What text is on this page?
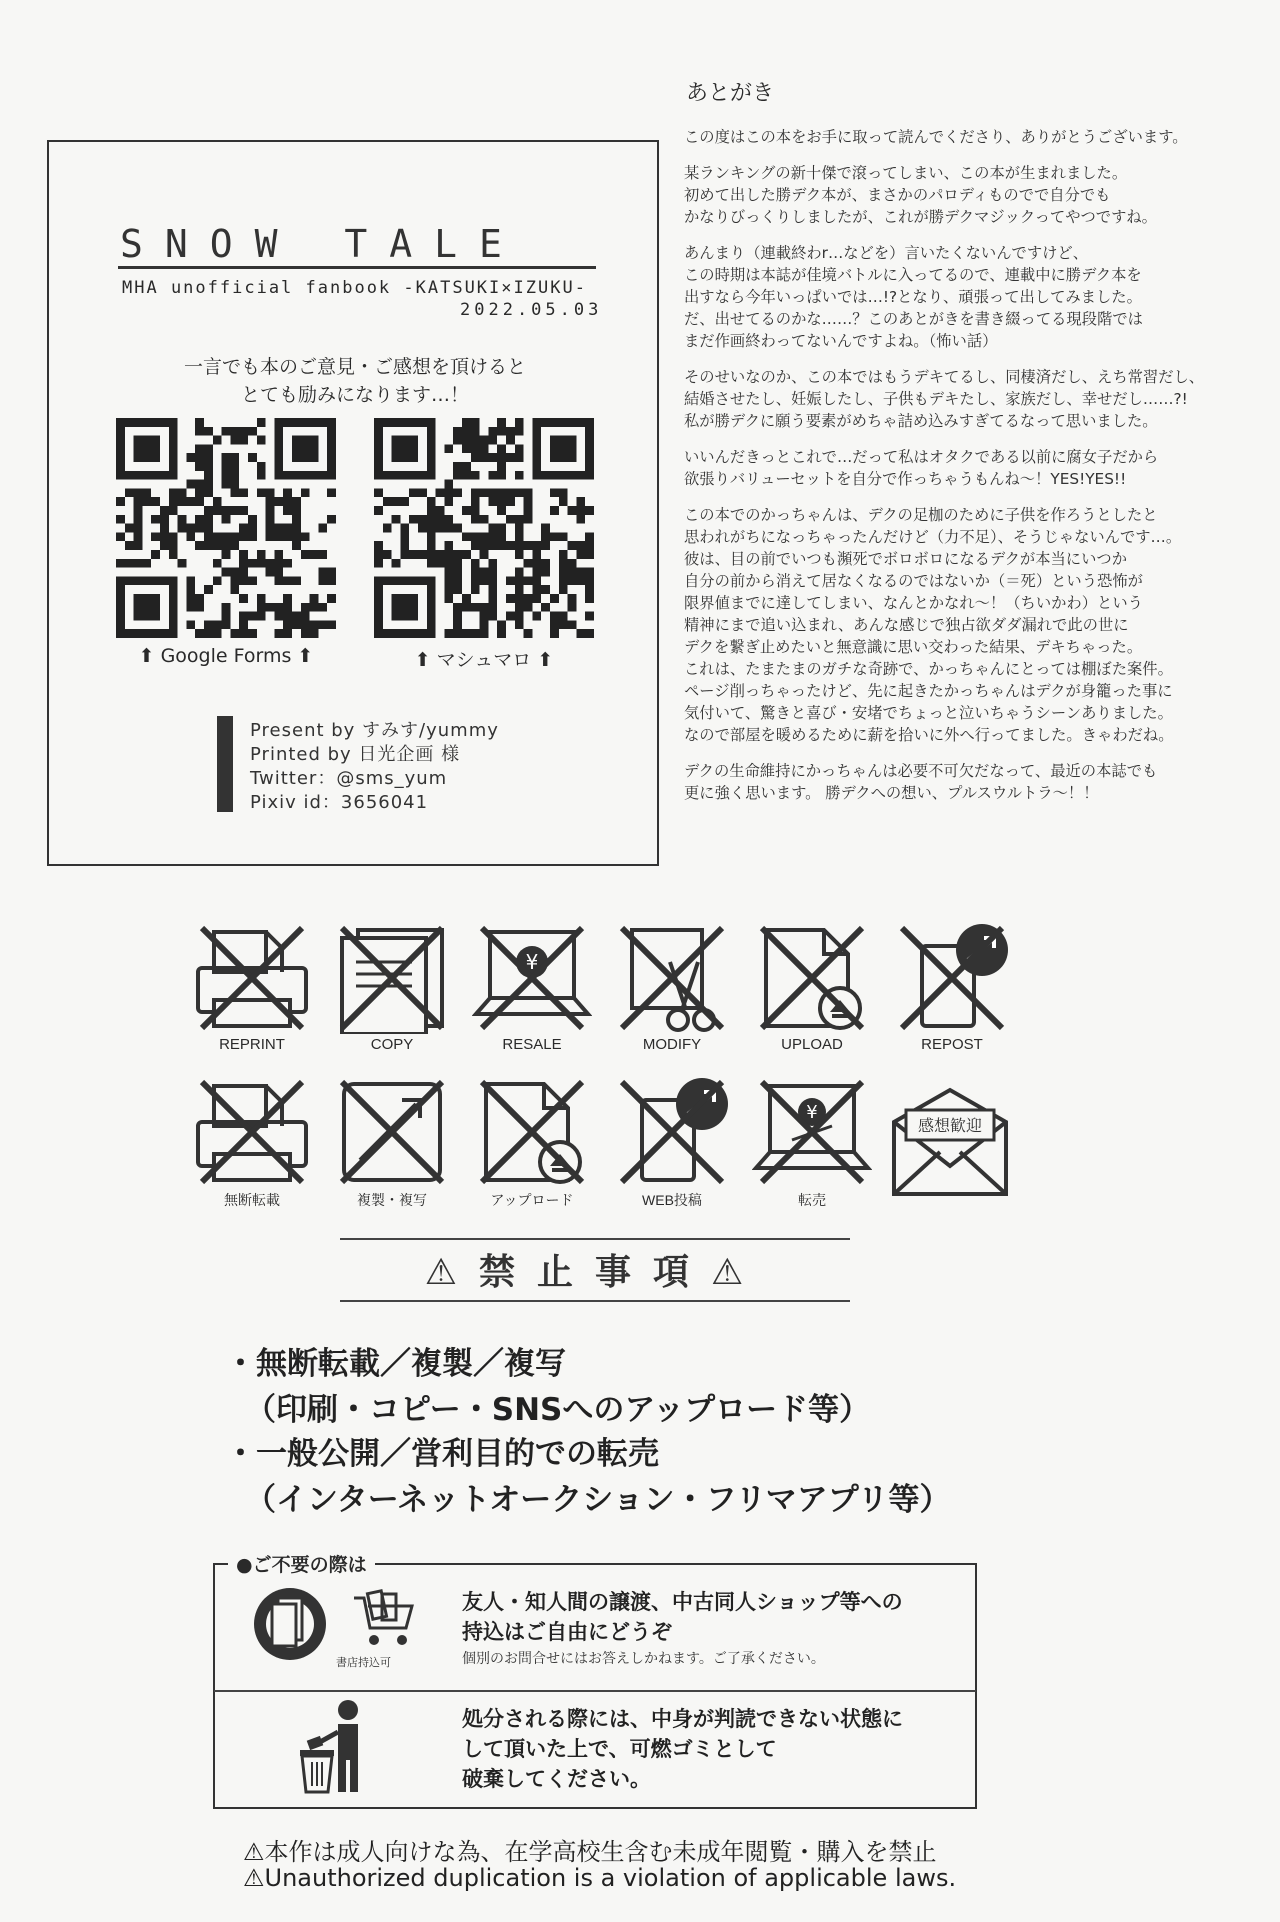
SNOW TALE
MHA unofficial fanbook -KATSUKI×IZUKU-
2022.05.03
一言でも本のご意見・ご感想を頂けると
とても励みになります…！
⬆ Google Forms ⬆	⬆ マシュマロ ⬆
Present by すみす/yummy
Printed by 日光企画 様
Twitter：@sms_yum
Pixiv id：3656041
あとがき
この度はこの本をお手に取って読んでくださり、ありがとうございます。
某ランキングの新十傑で滾ってしまい、この本が生まれました。
初めて出した勝デク本が、まさかのパロディものでで自分でも
かなりびっくりしましたが、これが勝デクマジックってやつですね。
あんまり（連載終わr…などを）言いたくないんですけど、
この時期は本誌が佳境バトルに入ってるので、連載中に勝デク本を
出すなら今年いっぱいでは…!?となり、頑張って出してみました。
だ、出せてるのかな……？このあとがきを書き綴ってる現段階では
まだ作画終わってないんですよね。（怖い話）
そのせいなのか、この本ではもうデキてるし、同棲済だし、えち常習だし、
結婚させたし、妊娠したし、子供もデキたし、家族だし、幸せだし……?!
私が勝デクに願う要素がめちゃ詰め込みすぎてるなって思いました。
いいんだきっとこれで…だって私はオタクである以前に腐女子だから
欲張りバリューセットを自分で作っちゃうもんね～！YES!YES!!
この本でのかっちゃんは、デクの足枷のために子供を作ろうとしたと
思われがちになっちゃったんだけど（力不足）、そうじゃないんです…。
彼は、目の前でいつも瀕死でボロボロになるデクが本当にいつか
自分の前から消えて居なくなるのではないか（＝死）という恐怖が
限界値までに達してしまい、なんとかなれ～！（ちいかわ）という
精神にまで追い込まれ、あんな感じで独占欲ダダ漏れで此の世に
デクを繋ぎ止めたいと無意識に思い交わった結果、デキちゃった。
これは、たまたまのガチな奇跡で、かっちゃんにとっては棚ぼた案件。
ページ削っちゃったけど、先に起きたかっちゃんはデクが身籠った事に
気付いて、驚きと喜び・安堵でちょっと泣いちゃうシーンありました。
なので部屋を暖めるために薪を拾いに外へ行ってました。きゃわだね。
デクの生命維持にかっちゃんは必要不可欠だなって、最近の本誌でも
更に強く思います。 勝デクへの想い、プルスウルトラ～！！
REPRINT	COPY
¥
RESALE	MODIFY	UPLOAD	REPOST
無断転載	複製・複写	アップロード	WEB投稿
¥
転売
感想歓迎
⚠禁止事項⚠
・無断転載／複製／複写
（印刷・コピー・SNSへのアップロード等）
・一般公開／営利目的での転売
（インターネットオークション・フリマアプリ等）
●ご不要の際は
書店持込可
友人・知人間の譲渡、中古同人ショップ等への
持込はご自由にどうぞ
個別のお問合せにはお答えしかねます。ご了承ください。
処分される際には、中身が判読できない状態に
して頂いた上で、可燃ゴミとして
破棄してください。
⚠本作は成人向けな為、在学高校生含む未成年閲覧・購入を禁止
⚠Unauthorized duplication is a violation of applicable laws.
